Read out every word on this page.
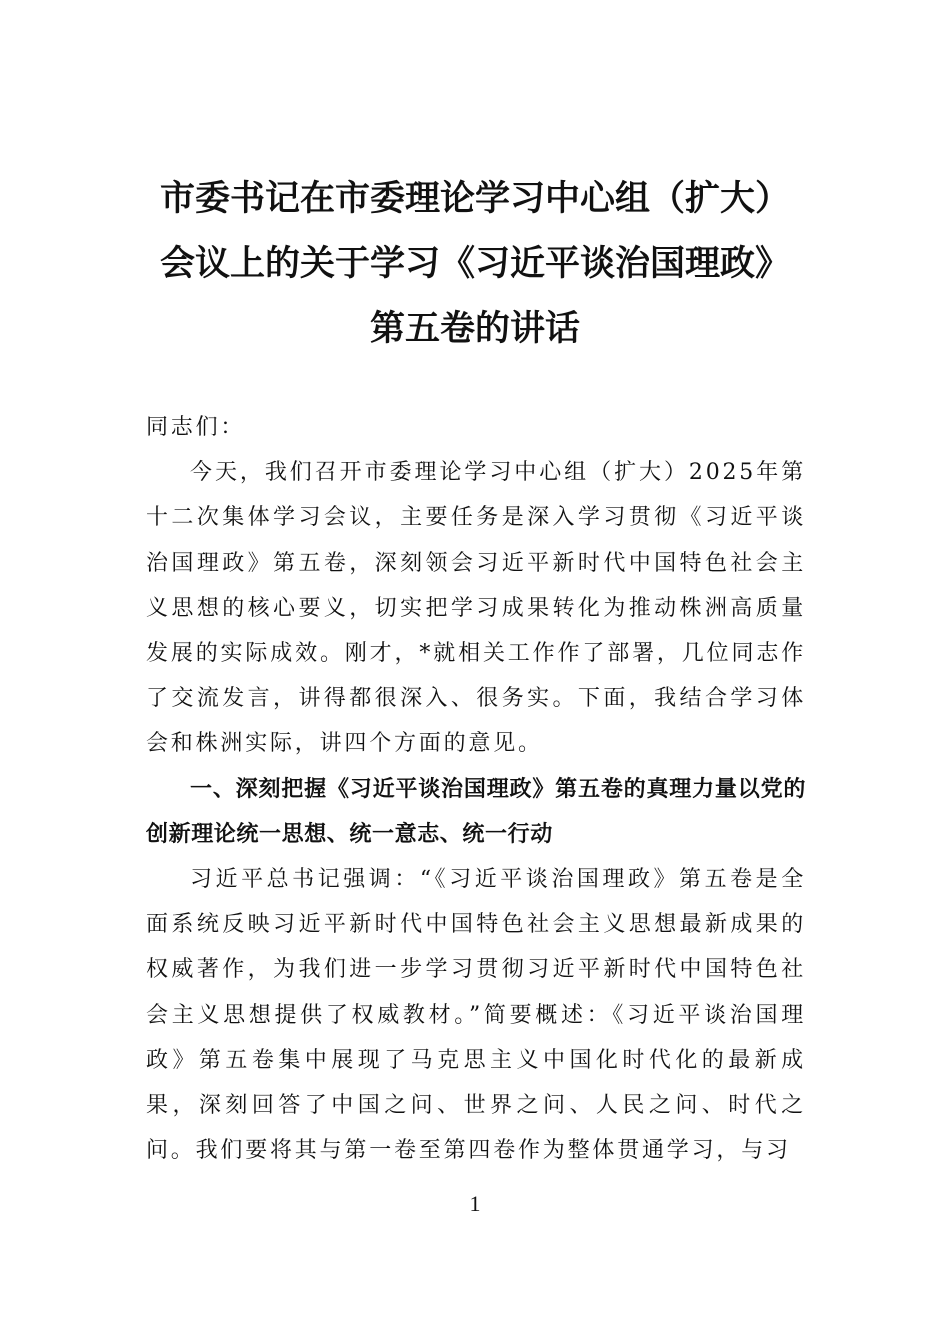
市委书记在市委理论学习中心组（扩大）
会议上的关于学习《习近平谈治国理政》
第五卷的讲话

同志们：

今天，我们召开市委理论学习中心组（扩大）2025年第十二次集体学习会议，主要任务是深入学习贯彻《习近平谈治国理政》第五卷，深刻领会习近平新时代中国特色社会主义思想的核心要义，切实把学习成果转化为推动株洲高质量发展的实际成效。刚才，*就相关工作作了部署，几位同志作了交流发言，讲得都很深入、很务实。下面，我结合学习体会和株洲实际，讲四个方面的意见。

一、深刻把握《习近平谈治国理政》第五卷的真理力量以党的创新理论统一思想、统一意志、统一行动

习近平总书记强调：“《习近平谈治国理政》第五卷是全面系统反映习近平新时代中国特色社会主义思想最新成果的权威著作，为我们进一步学习贯彻习近平新时代中国特色社会主义思想提供了权威教材。”简要概述：《习近平谈治国理政》第五卷集中展现了马克思主义中国化时代化的最新成果，深刻回答了中国之问、世界之问、人民之问、时代之问。我们要将其与第一卷至第四卷作为整体贯通学习，与习

1
